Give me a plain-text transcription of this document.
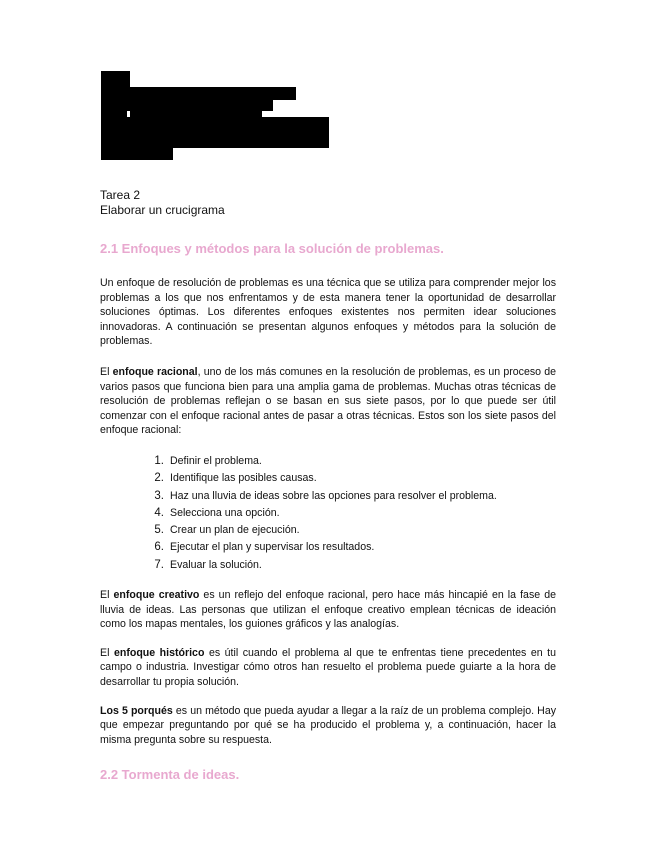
Tarea 2
Elaborar un crucigrama
2.1 Enfoques y métodos para la solución de problemas.

Un enfoque de resolución de problemas es una técnica que se utiliza para comprender mejor los problemas a los que nos enfrentamos y de esta manera tener la oportunidad de desarrollar soluciones óptimas. Los diferentes enfoques existentes nos permiten idear soluciones innovadoras. A continuación se presentan algunos enfoques y métodos para la solución de problemas.

El enfoque racional, uno de los más comunes en la resolución de problemas, es un proceso de varios pasos que funciona bien para una amplia gama de problemas. Muchas otras técnicas de resolución de problemas reflejan o se basan en sus siete pasos, por lo que puede ser útil comenzar con el enfoque racional antes de pasar a otras técnicas. Estos son los siete pasos del enfoque racional:

1. Definir el problema.
2. Identifique las posibles causas.
3. Haz una lluvia de ideas sobre las opciones para resolver el problema.
4. Selecciona una opción.
5. Crear un plan de ejecución.
6. Ejecutar el plan y supervisar los resultados.
7. Evaluar la solución.

El enfoque creativo es un reflejo del enfoque racional, pero hace más hincapié en la fase de lluvia de ideas. Las personas que utilizan el enfoque creativo emplean técnicas de ideación como los mapas mentales, los guiones gráficos y las analogías.

El enfoque histórico es útil cuando el problema al que te enfrentas tiene precedentes en tu campo o industria. Investigar cómo otros han resuelto el problema puede guiarte a la hora de desarrollar tu propia solución.

Los 5 porqués es un método que pueda ayudar a llegar a la raíz de un problema complejo. Hay que empezar preguntando por qué se ha producido el problema y, a continuación, hacer la misma pregunta sobre su respuesta.

2.2 Tormenta de ideas.
